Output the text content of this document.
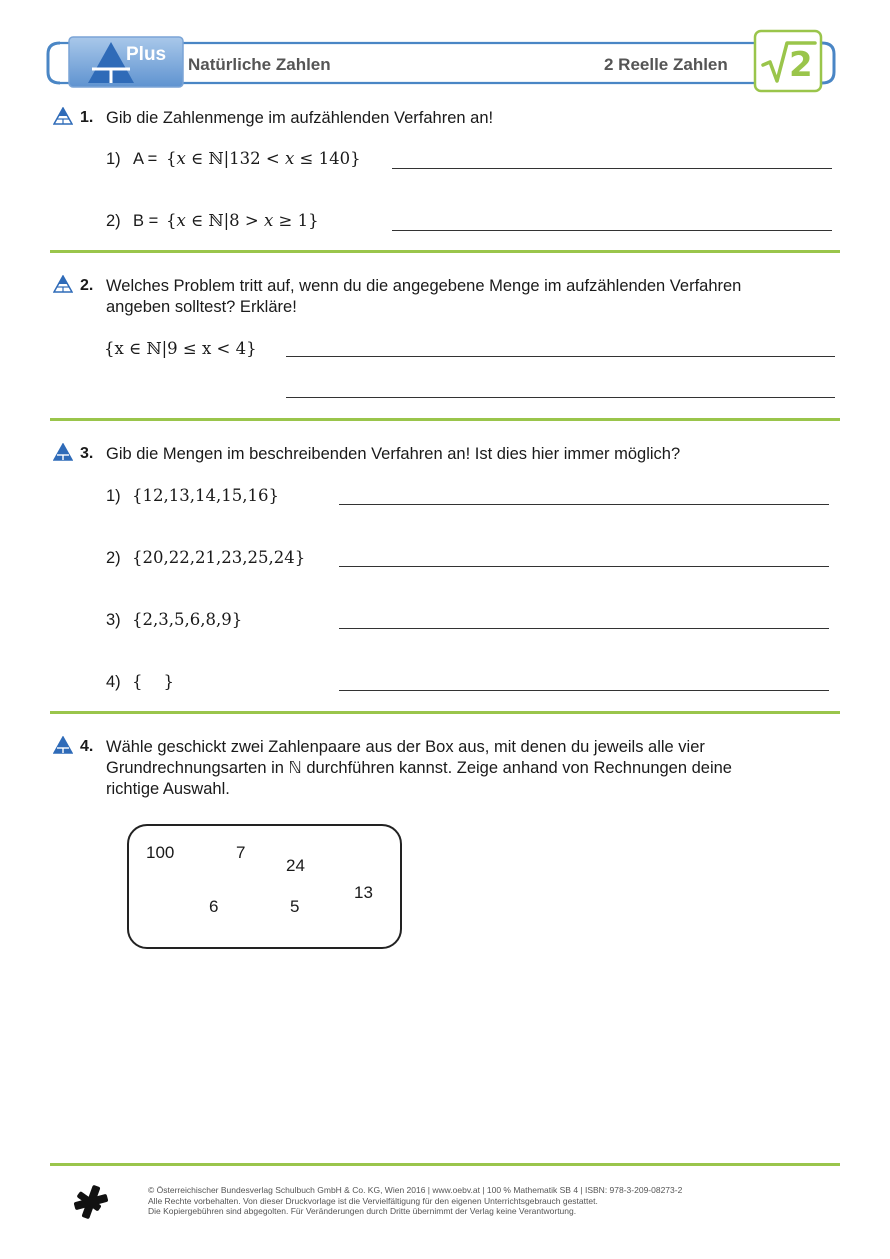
Plus Natürliche Zahlen	2 Reelle Zahlen 2
1. Gib die Zahlenmenge im aufzählenden Verfahren an!
1) A = {𝑥 ∈ ℕ|132 < 𝑥 ≤ 140}
2) B = {𝑥 ∈ ℕ|8 > 𝑥 ≥ 1}
2. Welches Problem tritt auf, wenn du die angegebene Menge im aufzählenden Verfahren
angeben solltest? Erkläre!
{x ∈ ℕ|9 ≤ x < 4}
3. Gib die Mengen im beschreibenden Verfahren an! Ist dies hier immer möglich?
1) {12,13,14,15,16}
2) {20,22,21,23,25,24}
3) {2,3,5,6,8,9}
4) {    }
4. Wähle geschickt zwei Zahlenpaare aus der Box aus, mit denen du jeweils alle vier
Grundrechnungsarten in ℕ durchführen kannst. Zeige anhand von Rechnungen deine
richtige Auswahl.
100	7
24
13
6	5
© Österreichischer Bundesverlag Schulbuch GmbH & Co. KG, Wien 2016 | www.oebv.at | 100 % Mathematik SB 4 | ISBN: 978-3-209-08273-2
Alle Rechte vorbehalten. Von dieser Druckvorlage ist die Vervielfältigung für den eigenen Unterrichtsgebrauch gestattet.
Die Kopiergebühren sind abgegolten. Für Veränderungen durch Dritte übernimmt der Verlag keine Verantwortung.
